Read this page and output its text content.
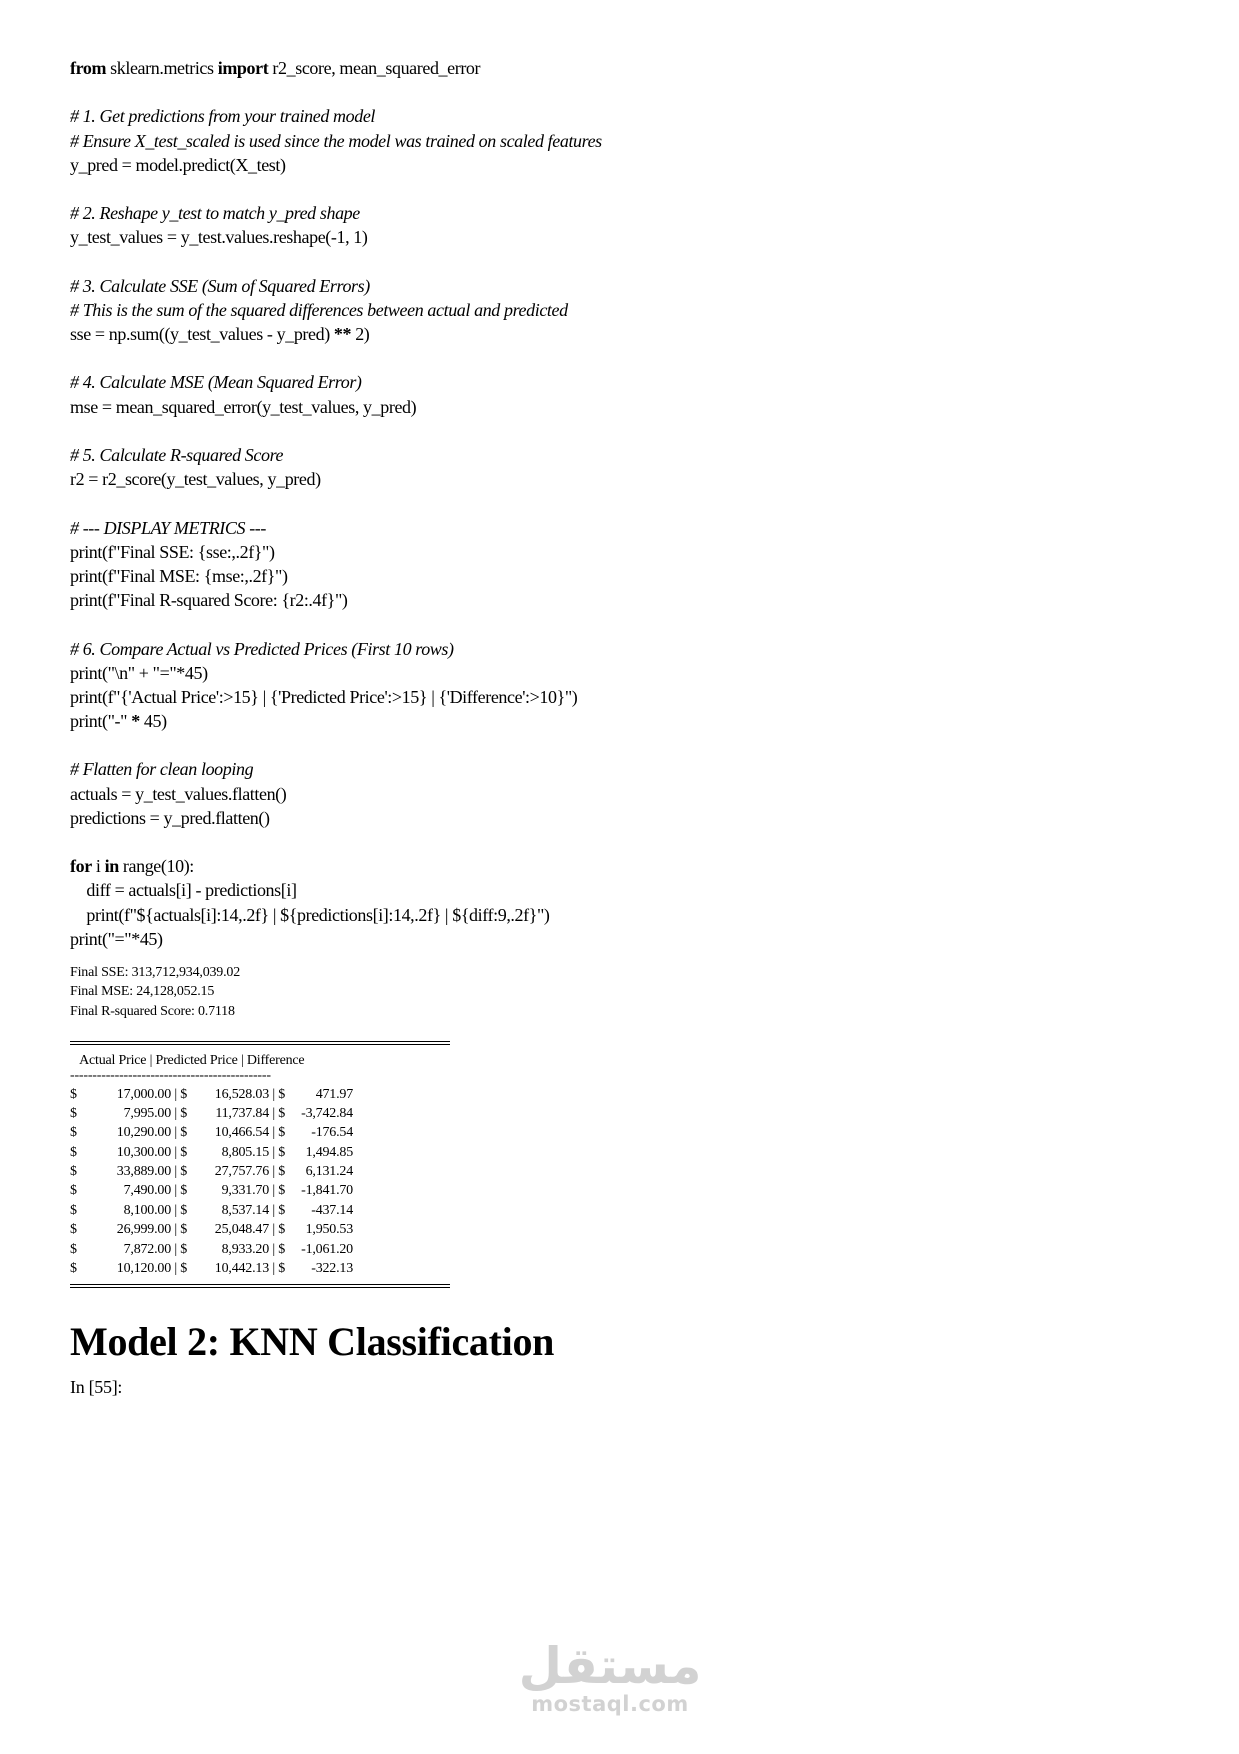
from sklearn.metrics import r2_score, mean_squared_error
# 1. Get predictions from your trained model
# Ensure X_test_scaled is used since the model was trained on scaled features
y_pred = model.predict(X_test)
# 2. Reshape y_test to match y_pred shape
y_test_values = y_test.values.reshape(-1, 1)
# 3. Calculate SSE (Sum of Squared Errors)
# This is the sum of the squared differences between actual and predicted
sse = np.sum((y_test_values - y_pred) ** 2)
# 4. Calculate MSE (Mean Squared Error)
mse = mean_squared_error(y_test_values, y_pred)
# 5. Calculate R-squared Score
r2 = r2_score(y_test_values, y_pred)
# --- DISPLAY METRICS ---
print(f"Final SSE: {sse:,.2f}")
print(f"Final MSE: {mse:,.2f}")
print(f"Final R-squared Score: {r2:.4f}")
# 6. Compare Actual vs Predicted Prices (First 10 rows)
print("\n" + "="*45)
print(f"{'Actual Price':>15} | {'Predicted Price':>15} | {'Difference':>10}")
print("-" * 45)
# Flatten for clean looping
actuals = y_test_values.flatten()
predictions = y_pred.flatten()
for i in range(10):
diff = actuals[i] - predictions[i]
print(f"${actuals[i]:14,.2f} | ${predictions[i]:14,.2f} | ${diff:9,.2f}")
print("="*45)
Final SSE: 313,712,934,039.02
Final MSE: 24,128,052.15
Final R-squared Score: 0.7118
Actual Price | Predicted Price | Difference
---------------------------------------------
$	17,000.00 | $	16,528.03 | $	471.97
$	7,995.00 | $	11,737.84 | $	-3,742.84
$	10,290.00 | $	10,466.54 | $	-176.54
$	10,300.00 | $	8,805.15 | $	1,494.85
$	33,889.00 | $	27,757.76 | $	6,131.24
$	7,490.00 | $	9,331.70 | $	-1,841.70
$	8,100.00 | $	8,537.14 | $	-437.14
$	26,999.00 | $	25,048.47 | $	1,950.53
$	7,872.00 | $	8,933.20 | $	-1,061.20
$	10,120.00 | $	10,442.13 | $	-322.13
Model 2: KNN Classification
In [55]:
مستقل
mostaql.com
